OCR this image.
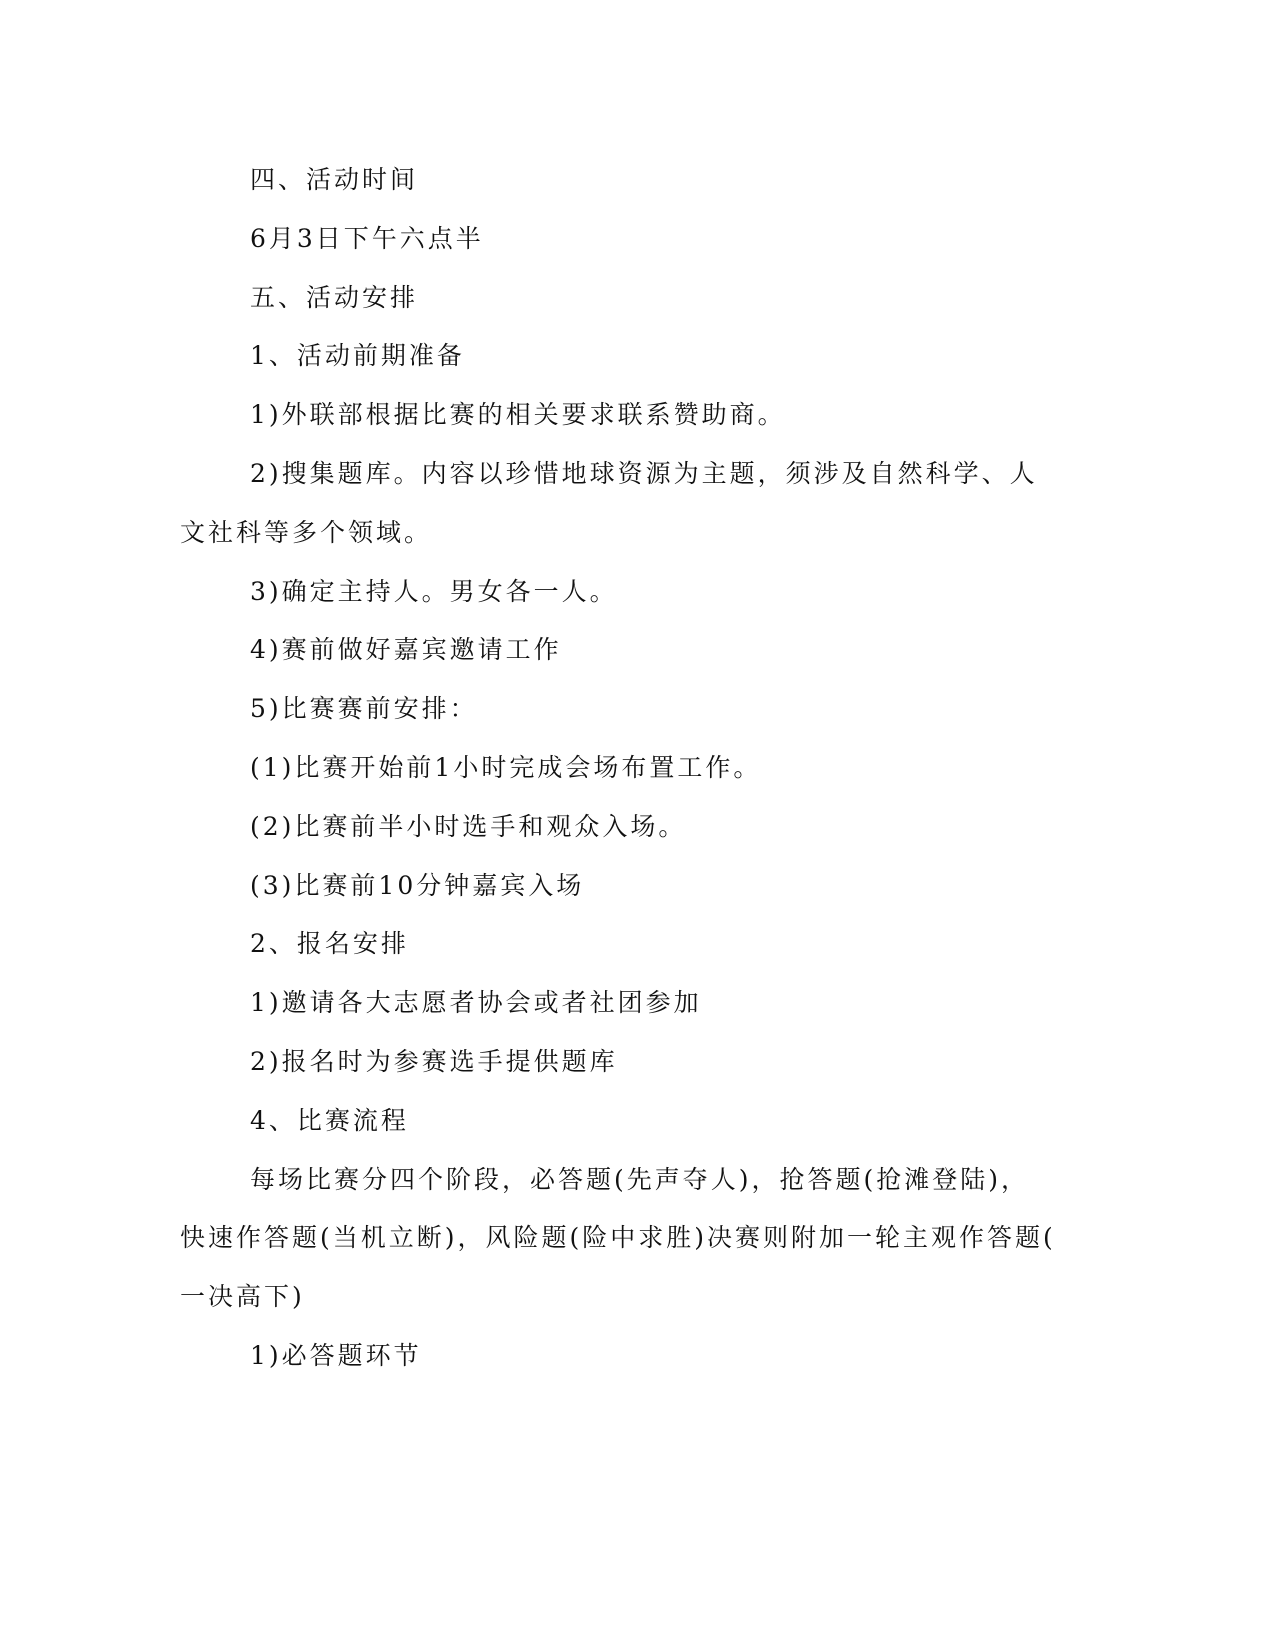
四、活动时间

6月3日下午六点半

五、活动安排

1、活动前期准备

1)外联部根据比赛的相关要求联系赞助商。

2)搜集题库。内容以珍惜地球资源为主题，须涉及自然科学、人
文社科等多个领域。

3)确定主持人。男女各一人。

4)赛前做好嘉宾邀请工作

5)比赛赛前安排：

(1)比赛开始前1小时完成会场布置工作。

(2)比赛前半小时选手和观众入场。

(3)比赛前10分钟嘉宾入场

2、报名安排

1)邀请各大志愿者协会或者社团参加

2)报名时为参赛选手提供题库

4、比赛流程

每场比赛分四个阶段，必答题(先声夺人)，抢答题(抢滩登陆)，
快速作答题(当机立断)，风险题(险中求胜)决赛则附加一轮主观作答题(
一决高下)

1)必答题环节
